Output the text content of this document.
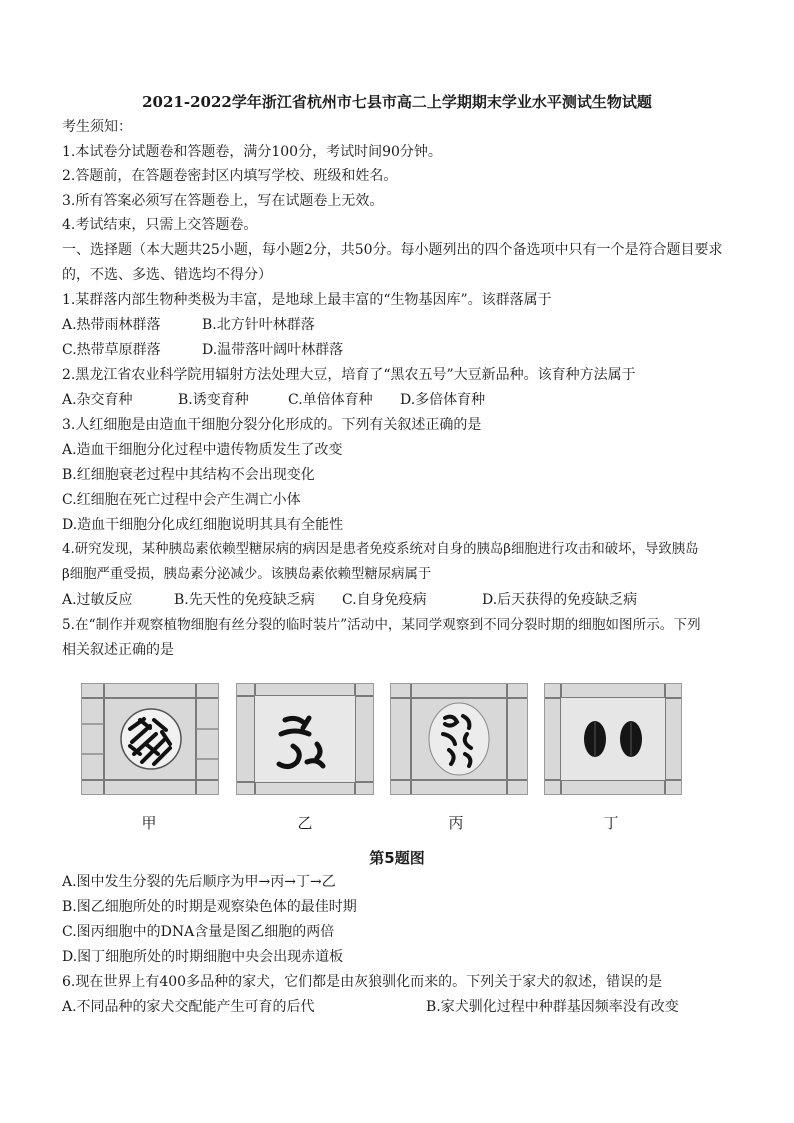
2021-2022学年浙江省杭州市七县市高二上学期期末学业水平测试生物试题
考生须知：
1.本试卷分试题卷和答题卷，满分100分，考试时间90分钟。
2.答题前，在答题卷密封区内填写学校、班级和姓名。
3.所有答案必须写在答题卷上，写在试题卷上无效。
4.考试结束，只需上交答题卷。
一、选择题（本大题共25小题，每小题2分，共50分。每小题列出的四个备选项中只有一个是符合题目要求
的，不选、多选、错选均不得分）
1.某群落内部生物种类极为丰富，是地球上最丰富的“生物基因库”。该群落属于
A.热带雨林群落	B.北方针叶林群落
C.热带草原群落	D.温带落叶阔叶林群落
2.黑龙江省农业科学院用辐射方法处理大豆，培育了“黑农五号”大豆新品种。该育种方法属于
A.杂交育种	B.诱变育种	C.单倍体育种 D.多倍体育种
3.人红细胞是由造血干细胞分裂分化形成的。下列有关叙述正确的是
A.造血干细胞分化过程中遗传物质发生了改变
B.红细胞衰老过程中其结构不会出现变化
C.红细胞在死亡过程中会产生凋亡小体
D.造血干细胞分化成红细胞说明其具有全能性
4.研究发现，某种胰岛素依赖型糖尿病的病因是患者免疫系统对自身的胰岛β细胞进行攻击和破坏，导致胰岛
β细胞严重受损，胰岛素分泌减少。该胰岛素依赖型糖尿病属于
A.过敏反应	B.先天性的免疫缺乏病 C.自身免疫病	D.后天获得的免疫缺乏病
5.在“制作并观察植物细胞有丝分裂的临时装片”活动中，某同学观察到不同分裂时期的细胞如图所示。下列
相关叙述正确的是
甲	乙	丙	丁
第5题图
A.图中发生分裂的先后顺序为甲→丙→丁→乙
B.图乙细胞所处的时期是观察染色体的最佳时期
C.图丙细胞中的DNA含量是图乙细胞的两倍
D.图丁细胞所处的时期细胞中央会出现赤道板
6.现在世界上有400多品种的家犬，它们都是由灰狼驯化而来的。下列关于家犬的叙述，错误的是
A.不同品种的家犬交配能产生可育的后代	B.家犬驯化过程中种群基因频率没有改变
